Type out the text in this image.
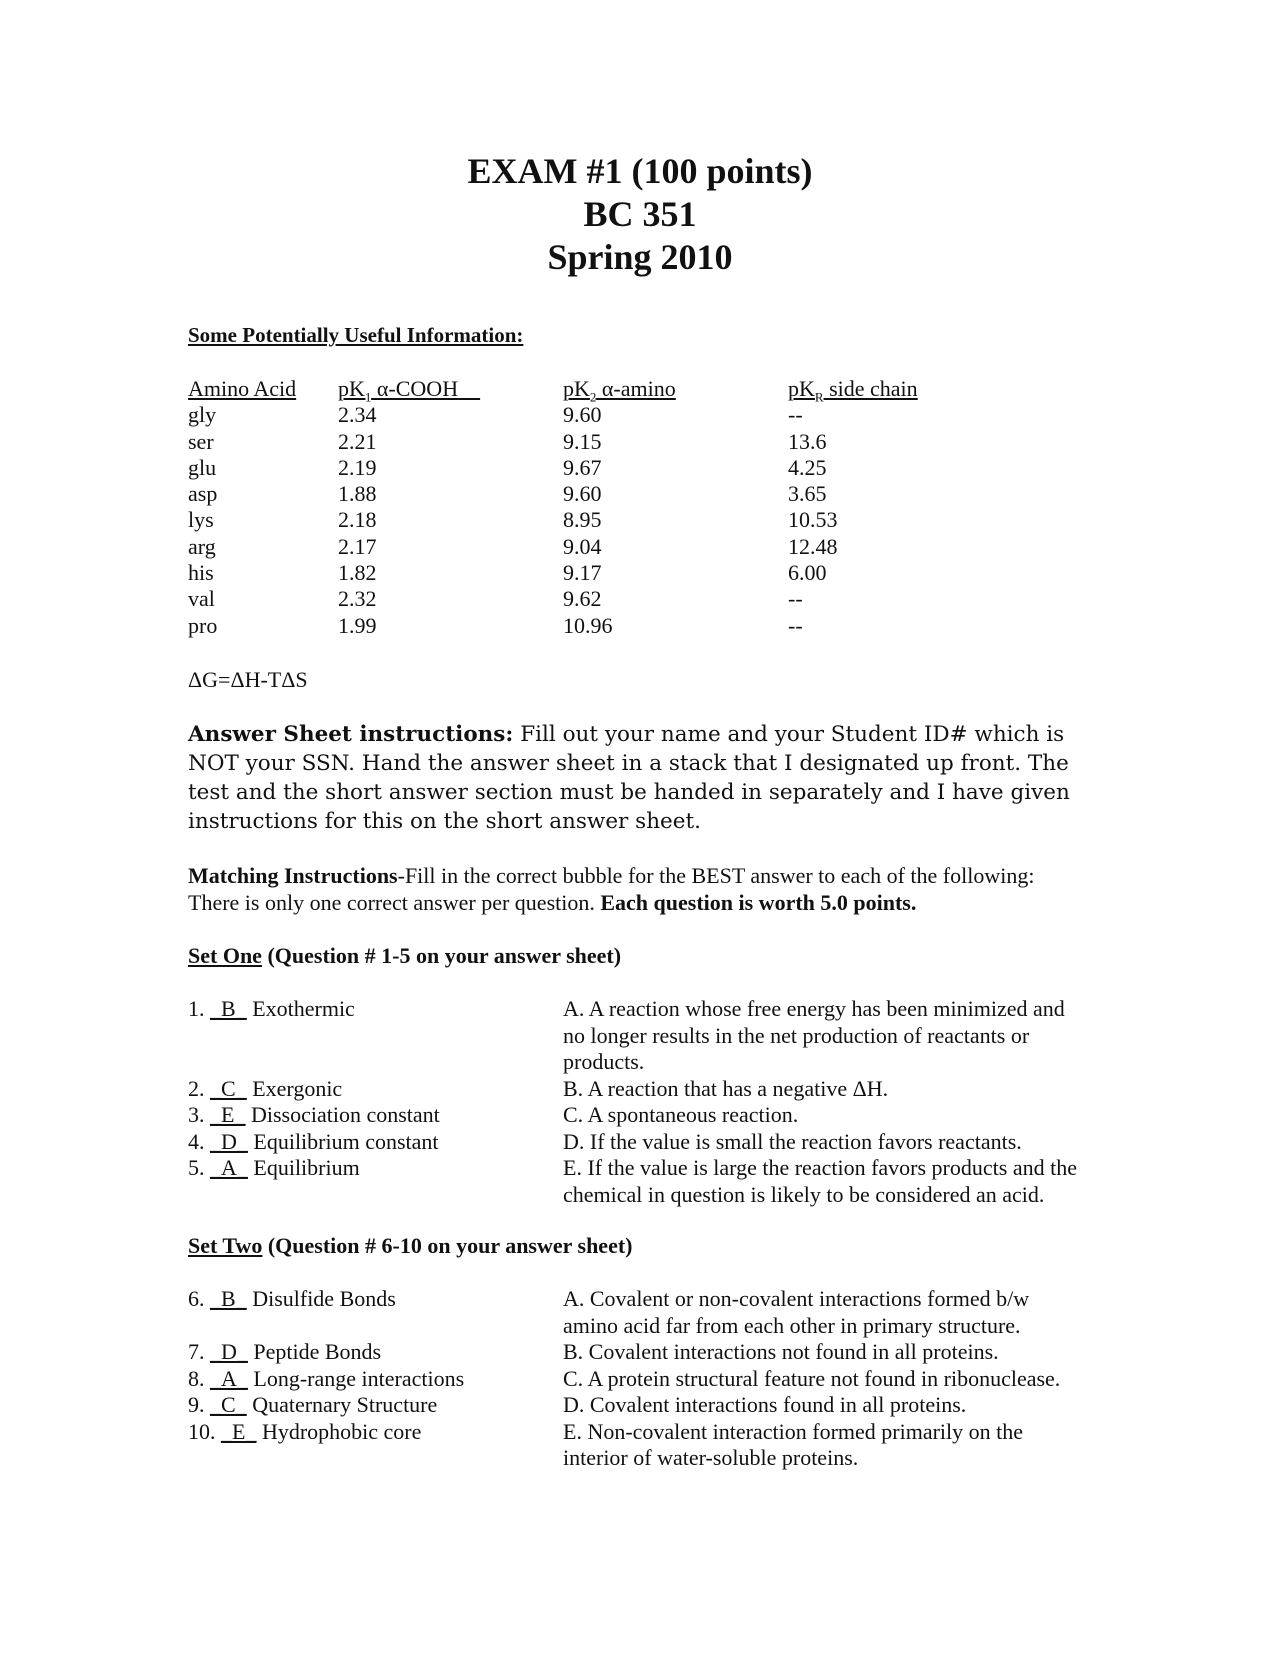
EXAM #1 (100 points)
BC 351
Spring 2010
Some Potentially Useful Information:
Amino Acid	$pK_1$ α-COOH	$pK_2$ α-amino	$pK_R$ side chain
gly	2.34	9.60	--
ser	2.21	9.15	13.6
glu	2.19	9.67	4.25
asp	1.88	9.60	3.65
lys	2.18	8.95	10.53
arg	2.17	9.04	12.48
his	1.82	9.17	6.00
val	2.32	9.62	--
pro	1.99	10.96	--
ΔG=ΔH-TΔS
Answer Sheet instructions: Fill out your name and your Student ID# which is NOT your SSN. Hand the answer sheet in a stack that I designated up front. The test and the short answer section must be handed in separately and I have given instructions for this on the short answer sheet.
Matching Instructions-Fill in the correct bubble for the BEST answer to each of the following: There is only one correct answer per question. Each question is worth 5.0 points.
Set One (Question # 1-5 on your answer sheet)
1. _B_ Exothermic	A. A reaction whose free energy has been minimized and no longer results in the net production of reactants or products.
2. _C_ Exergonic	B. A reaction that has a negative ΔH.
3. _E_ Dissociation constant	C. A spontaneous reaction.
4. _D_ Equilibrium constant	D. If the value is small the reaction favors reactants.
5. _A_ Equilibrium	E. If the value is large the reaction favors products and the chemical in question is likely to be considered an acid.
Set Two (Question # 6-10 on your answer sheet)
6. _B_ Disulfide Bonds	A. Covalent or non-covalent interactions formed b/w amino acid far from each other in primary structure.
7. _D_ Peptide Bonds	B. Covalent interactions not found in all proteins.
8. _A_ Long-range interactions	C. A protein structural feature not found in ribonuclease.
9. _C_ Quaternary Structure	D. Covalent interactions found in all proteins.
10. _E_ Hydrophobic core	E. Non-covalent interaction formed primarily on the interior of water-soluble proteins.
